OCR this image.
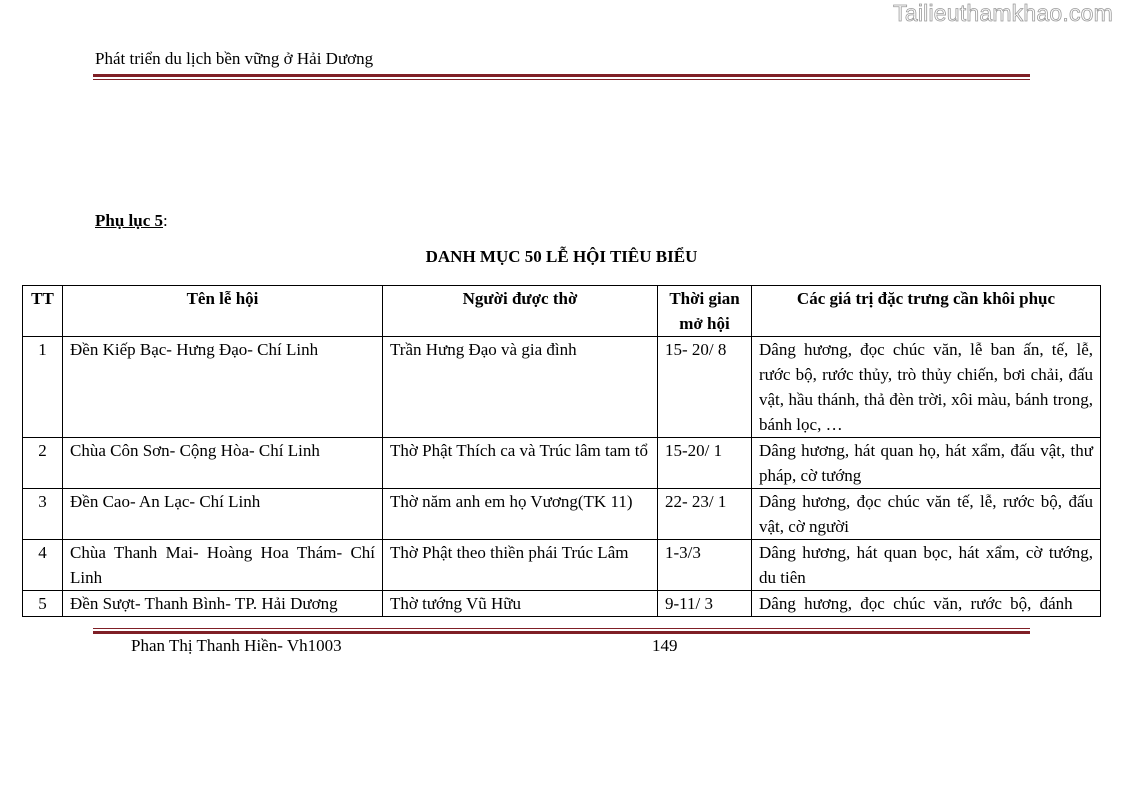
Tailieuthamkhao.com
Phát triển du lịch bền vững ở Hải Dương
Phụ lục 5:
DANH MỤC 50 LỄ HỘI TIÊU BIỂU
TT	Tên lễ hội	Người được thờ	Thời gian mở hội	Các giá trị đặc trưng cần khôi phục
1	Đền Kiếp Bạc- Hưng Đạo- Chí Linh	Trần Hưng Đạo và gia đình	15- 20/ 8	Dâng hương, đọc chúc văn, lễ ban ấn, tế, lễ, rước bộ, rước thủy, trò thủy chiến, bơi chải, đấu vật, hầu thánh, thả đèn trời, xôi màu, bánh trong, bánh lọc, …
2	Chùa Côn Sơn- Cộng Hòa- Chí Linh	Thờ Phật Thích ca và Trúc lâm tam tổ	15-20/ 1	Dâng hương, hát quan họ, hát xẩm, đấu vật, thư pháp, cờ tướng
3	Đền Cao- An Lạc- Chí Linh	Thờ năm anh em họ Vương(TK 11)	22- 23/ 1	Dâng hương, đọc chúc văn tế, lễ, rước bộ, đấu vật, cờ người
4	Chùa Thanh Mai- Hoàng Hoa Thám- Chí Linh	Thờ Phật theo thiền phái Trúc Lâm	1-3/3	Dâng hương, hát quan bọc, hát xẩm, cờ tướng, du tiên
5	Đền Sượt- Thanh Bình- TP. Hải Dương	Thờ tướng Vũ Hữu	9-11/ 3	Dâng hương, đọc chúc văn, rước bộ, đánh
Phan Thị Thanh Hiền- Vh1003	149
